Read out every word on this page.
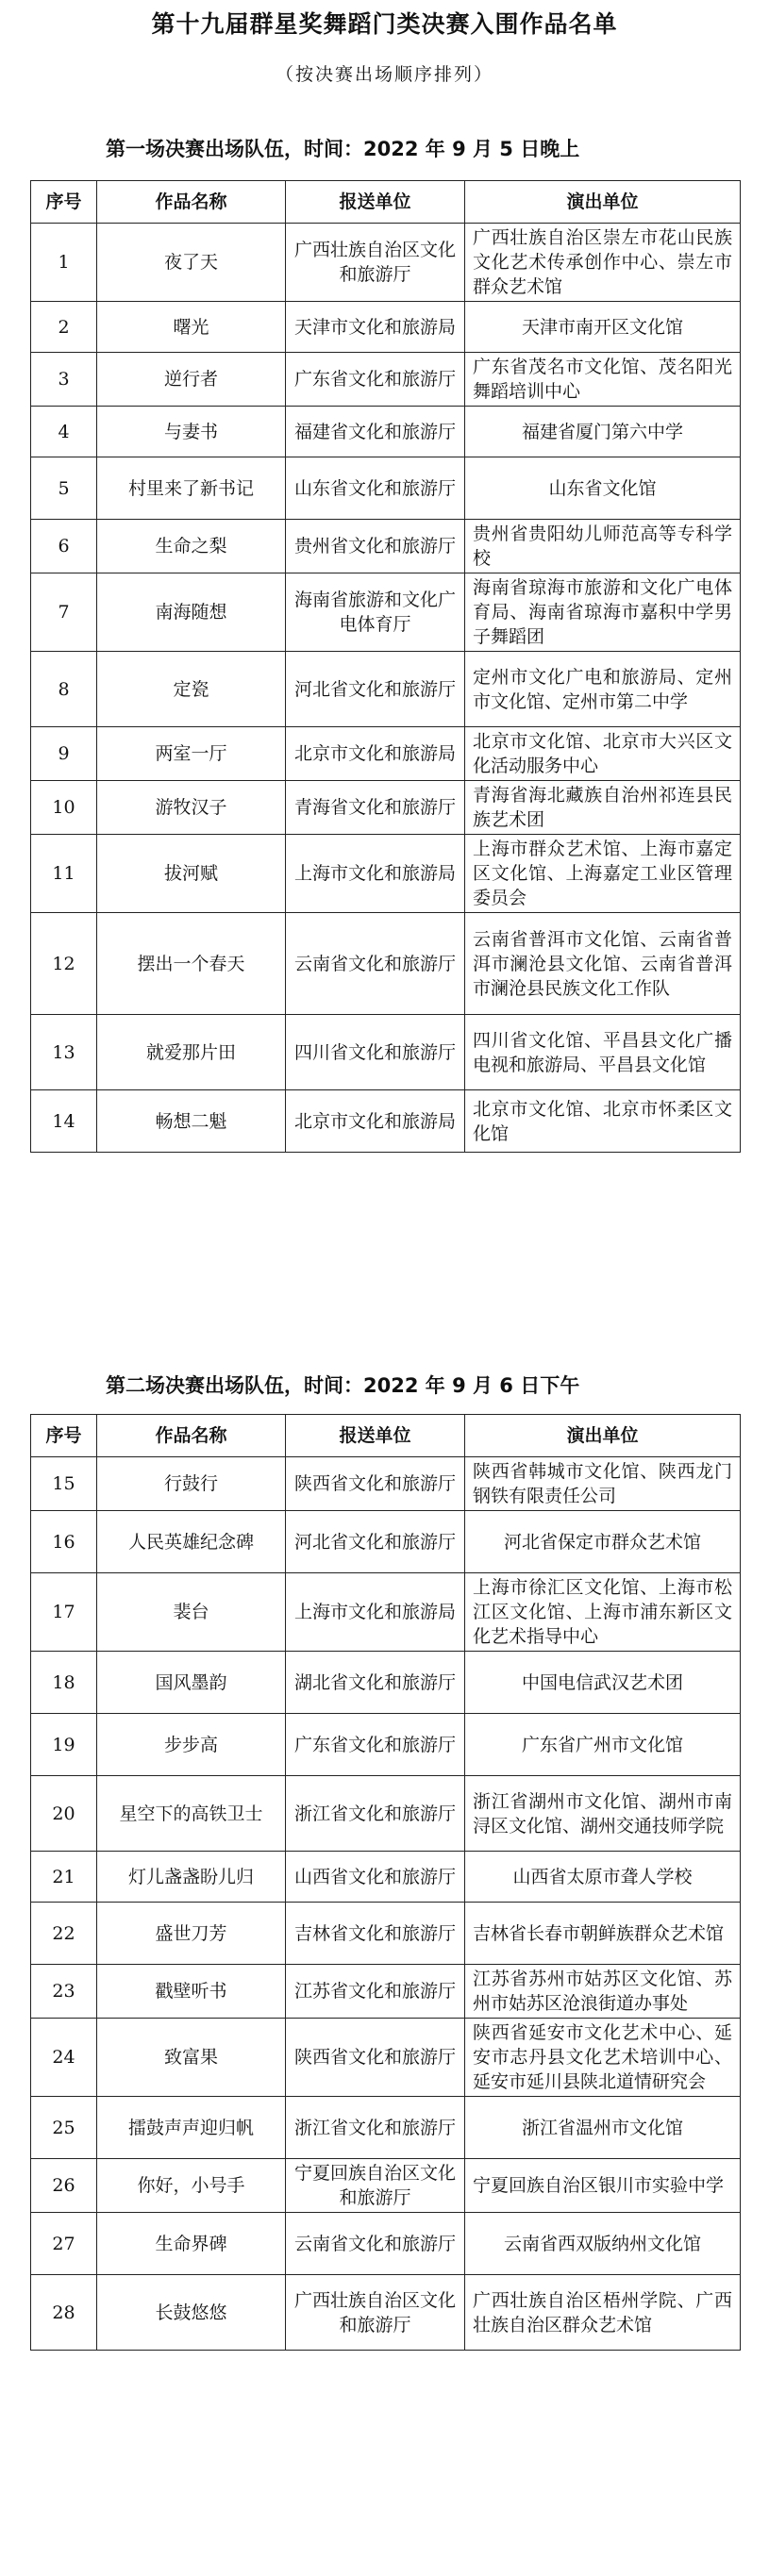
第十九届群星奖舞蹈门类决赛入围作品名单
（按决赛出场顺序排列）
第一场决赛出场队伍，时间：2022 年 9 月 5 日晚上
序号	作品名称	报送单位	演出单位
1	夜了天	广西壮族自治区文化和旅游厅	广西壮族自治区崇左市花山民族文化艺术传承创作中心、崇左市群众艺术馆
2	曙光	天津市文化和旅游局	天津市南开区文化馆
3	逆行者	广东省文化和旅游厅	广东省茂名市文化馆、茂名阳光舞蹈培训中心
4	与妻书	福建省文化和旅游厅	福建省厦门第六中学
5	村里来了新书记	山东省文化和旅游厅	山东省文化馆
6	生命之梨	贵州省文化和旅游厅	贵州省贵阳幼儿师范高等专科学校
7	南海随想	海南省旅游和文化广电体育厅	海南省琼海市旅游和文化广电体育局、海南省琼海市嘉积中学男子舞蹈团
8	定瓷	河北省文化和旅游厅	定州市文化广电和旅游局、定州市文化馆、定州市第二中学
9	两室一厅	北京市文化和旅游局	北京市文化馆、北京市大兴区文化活动服务中心
10	游牧汉子	青海省文化和旅游厅	青海省海北藏族自治州祁连县民族艺术团
11	拔河赋	上海市文化和旅游局	上海市群众艺术馆、上海市嘉定区文化馆、上海嘉定工业区管理委员会
12	摆出一个春天	云南省文化和旅游厅	云南省普洱市文化馆、云南省普洱市澜沧县文化馆、云南省普洱市澜沧县民族文化工作队
13	就爱那片田	四川省文化和旅游厅	四川省文化馆、平昌县文化广播电视和旅游局、平昌县文化馆
14	畅想二魁	北京市文化和旅游局	北京市文化馆、北京市怀柔区文化馆
第二场决赛出场队伍，时间：2022 年 9 月 6 日下午
序号	作品名称	报送单位	演出单位
15	行鼓行	陕西省文化和旅游厅	陕西省韩城市文化馆、陕西龙门钢铁有限责任公司
16	人民英雄纪念碑	河北省文化和旅游厅	河北省保定市群众艺术馆
17	裴台	上海市文化和旅游局	上海市徐汇区文化馆、上海市松江区文化馆、上海市浦东新区文化艺术指导中心
18	国风墨韵	湖北省文化和旅游厅	中国电信武汉艺术团
19	步步高	广东省文化和旅游厅	广东省广州市文化馆
20	星空下的高铁卫士	浙江省文化和旅游厅	浙江省湖州市文化馆、湖州市南浔区文化馆、湖州交通技师学院
21	灯儿盏盏盼儿归	山西省文化和旅游厅	山西省太原市聋人学校
22	盛世刀芳	吉林省文化和旅游厅	吉林省长春市朝鲜族群众艺术馆
23	戳壁听书	江苏省文化和旅游厅	江苏省苏州市姑苏区文化馆、苏州市姑苏区沧浪街道办事处
24	致富果	陕西省文化和旅游厅	陕西省延安市文化艺术中心、延安市志丹县文化艺术培训中心、延安市延川县陕北道情研究会
25	擂鼓声声迎归帆	浙江省文化和旅游厅	浙江省温州市文化馆
26	你好，小号手	宁夏回族自治区文化和旅游厅	宁夏回族自治区银川市实验中学
27	生命界碑	云南省文化和旅游厅	云南省西双版纳州文化馆
28	长鼓悠悠	广西壮族自治区文化和旅游厅	广西壮族自治区梧州学院、广西壮族自治区群众艺术馆
